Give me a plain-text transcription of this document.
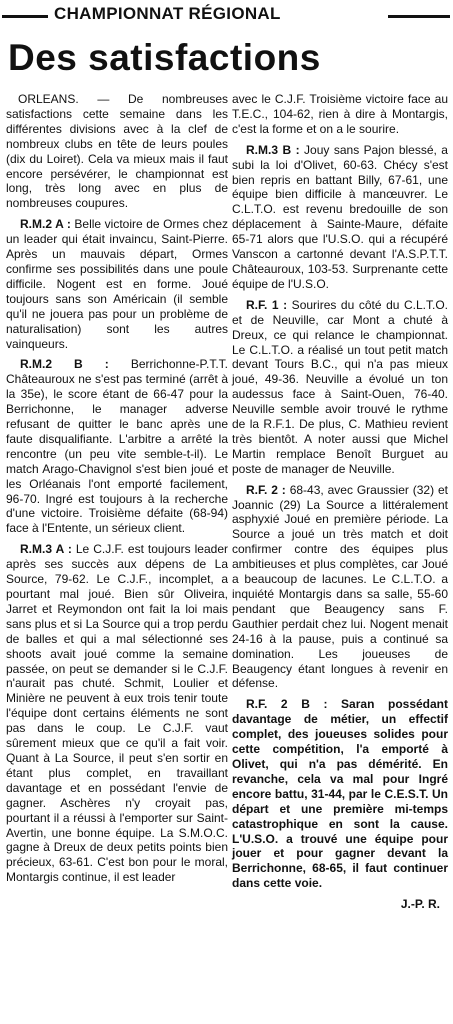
CHAMPIONNAT RÉGIONAL
Des satisfactions

ORLEANS. — De nombreuses satisfactions cette semaine dans les différentes divisions avec à la clef de nombreux clubs en tête de leurs poules (dix du Loiret). Cela va mieux mais il faut encore persévérer, le championnat est long, très long avec en plus de nombreuses coupures.

R.M.2 A : Belle victoire de Ormes chez un leader qui était invaincu, Saint-Pierre. Après un mauvais départ, Ormes confirme ses possibilités dans une poule difficile. Nogent est en forme. Joué toujours sans son Américain (il semble qu'il ne jouera pas pour un problème de naturalisation) sont les autres vainqueurs.

R.M.2 B : Berrichonne-P.T.T. Châteauroux ne s'est pas terminé (arrêt à la 35e), le score étant de 66-47 pour la Berrichonne, le manager adverse refusant de quitter le banc après une faute disqualifiante. L'arbitre a arrêté la rencontre (un peu vite semble-t-il). Le match Arago-Chavignol s'est bien joué et les Orléanais l'ont emporté facilement, 96-70. Ingré est toujours à la recherche d'une victoire. Troisième défaite (68-94) face à l'Entente, un sérieux client.

R.M.3 A : Le C.J.F. est toujours leader après ses succès aux dépens de La Source, 79-62. Le C.J.F., incomplet, a pourtant mal joué. Bien sûr Oliveira, Jarret et Reymondon ont fait la loi mais sans plus et si La Source qui a trop perdu de balles et qui a mal sélectionné ses shoots avait joué comme la semaine passée, on peut se demander si le C.J.F. n'aurait pas chuté. Schmit, Loulier et Minière ne peuvent à eux trois tenir toute l'équipe dont certains éléments ne sont pas dans le coup. Le C.J.F. vaut sûrement mieux que ce qu'il a fait voir. Quant à La Source, il peut s'en sortir en étant plus complet, en travaillant davantage et en possédant l'envie de gagner. Aschères n'y croyait pas, pourtant il a réussi à l'emporter sur Saint-Avertin, une bonne équipe. La S.M.O.C. gagne à Dreux de deux petits points bien précieux, 63-61. C'est bon pour le moral, Montargis continue, il est leader

avec le C.J.F. Troisième victoire face au T.E.C., 104-62, rien à dire à Montargis, c'est la forme et on a le sourire.

R.M.3 B : Jouy sans Pajon blessé, a subi la loi d'Olivet, 60-63. Chécy s'est bien repris en battant Billy, 67-61, une équipe bien difficile à manœuvrer. Le C.L.T.O. est revenu bredouille de son déplacement à Sainte-Maure, défaite 65-71 alors que l'U.S.O. qui a récupéré Vanscon a cartonné devant l'A.S.P.T.T. Châteauroux, 103-53. Surprenante cette équipe de l'U.S.O.

R.F. 1 : Sourires du côté du C.L.T.O. et de Neuville, car Mont a chuté à Dreux, ce qui relance le championnat. Le C.L.T.O. a réalisé un tout petit match devant Tours B.C., qui n'a pas mieux joué, 49-36. Neuville a évolué un ton audessus face à Saint-Ouen, 76-40. Neuville semble avoir trouvé le rythme de la R.F.1. De plus, C. Mathieu revient très bientôt. A noter aussi que Michel Martin remplace Benoît Burguet au poste de manager de Neuville.

R.F. 2 : 68-43, avec Graussier (32) et Joannic (29) La Source a littéralement asphyxié Joué en première période. La Source a joué un très match et doit confirmer contre des équipes plus ambitieuses et plus complètes, car Joué a beaucoup de lacunes. Le C.L.T.O. a inquiété Montargis dans sa salle, 55-60 pendant que Beaugency sans F. Gauthier perdait chez lui. Nogent menait 24-16 à la pause, puis a continué sa domination. Les joueuses de Beaugency étant longues à revenir en défense.

R.F. 2 B : Saran possédant davantage de métier, un effectif complet, des joueuses solides pour cette compétition, l'a emporté à Olivet, qui n'a pas démérité. En revanche, cela va mal pour Ingré encore battu, 31-44, par le C.E.S.T. Un départ et une première mi-temps catastrophique en sont la cause. L'U.S.O. a trouvé une équipe pour jouer et pour gagner devant la Berrichonne, 68-65, il faut continuer dans cette voie.

J.-P. R.
